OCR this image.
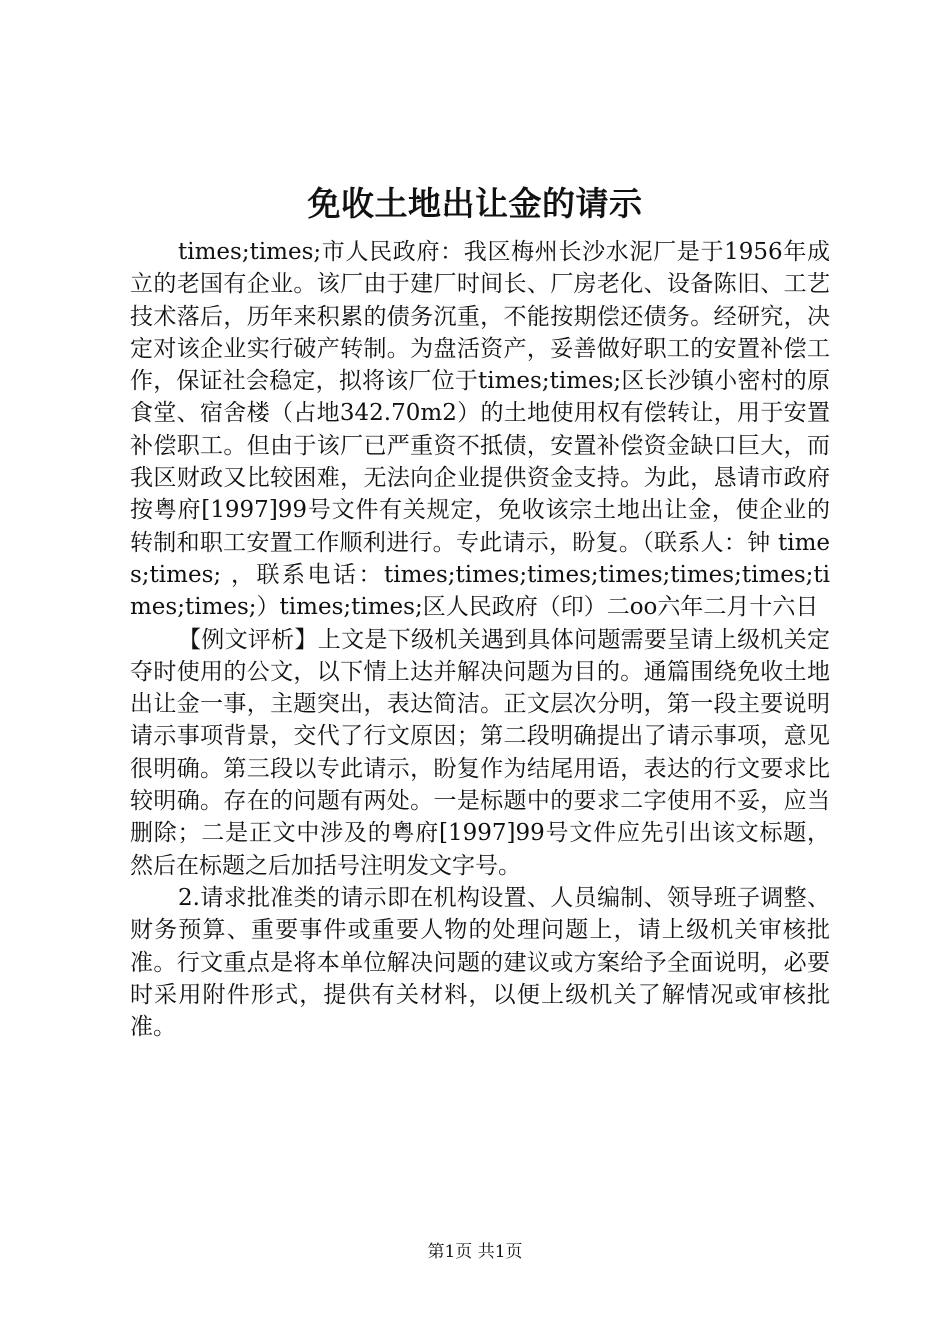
免收土地出让金的请示

times;times;市人民政府：我区梅州长沙水泥厂是于1956年成立的老国有企业。该厂由于建厂时间长、厂房老化、设备陈旧、工艺技术落后，历年来积累的债务沉重，不能按期偿还债务。经研究，决定对该企业实行破产转制。为盘活资产，妥善做好职工的安置补偿工作，保证社会稳定，拟将该厂位于times;times;区长沙镇小密村的原食堂、宿舍楼（占地342.70m2）的土地使用权有偿转让，用于安置补偿职工。但由于该厂已严重资不抵债，安置补偿资金缺口巨大，而我区财政又比较困难，无法向企业提供资金支持。为此，恳请市政府按粤府[1997]99号文件有关规定，免收该宗土地出让金，使企业的转制和职工安置工作顺利进行。专此请示，盼复。（联系人：钟 times;times; ，联系电话：times;times;times;times;times;times;times;times;）times;times;区人民政府（印）二oo六年二月十六日

【例文评析】上文是下级机关遇到具体问题需要呈请上级机关定夺时使用的公文，以下情上达并解决问题为目的。通篇围绕免收土地出让金一事，主题突出，表达简洁。正文层次分明，第一段主要说明请示事项背景，交代了行文原因；第二段明确提出了请示事项，意见很明确。第三段以专此请示，盼复作为结尾用语，表达的行文要求比较明确。存在的问题有两处。一是标题中的要求二字使用不妥，应当删除；二是正文中涉及的粤府[1997]99号文件应先引出该文标题，然后在标题之后加括号注明发文字号。

2.请求批准类的请示即在机构设置、人员编制、领导班子调整、财务预算、重要事件或重要人物的处理问题上，请上级机关审核批准。行文重点是将本单位解决问题的建议或方案给予全面说明，必要时采用附件形式，提供有关材料，以便上级机关了解情况或审核批准。

第1页 共1页
